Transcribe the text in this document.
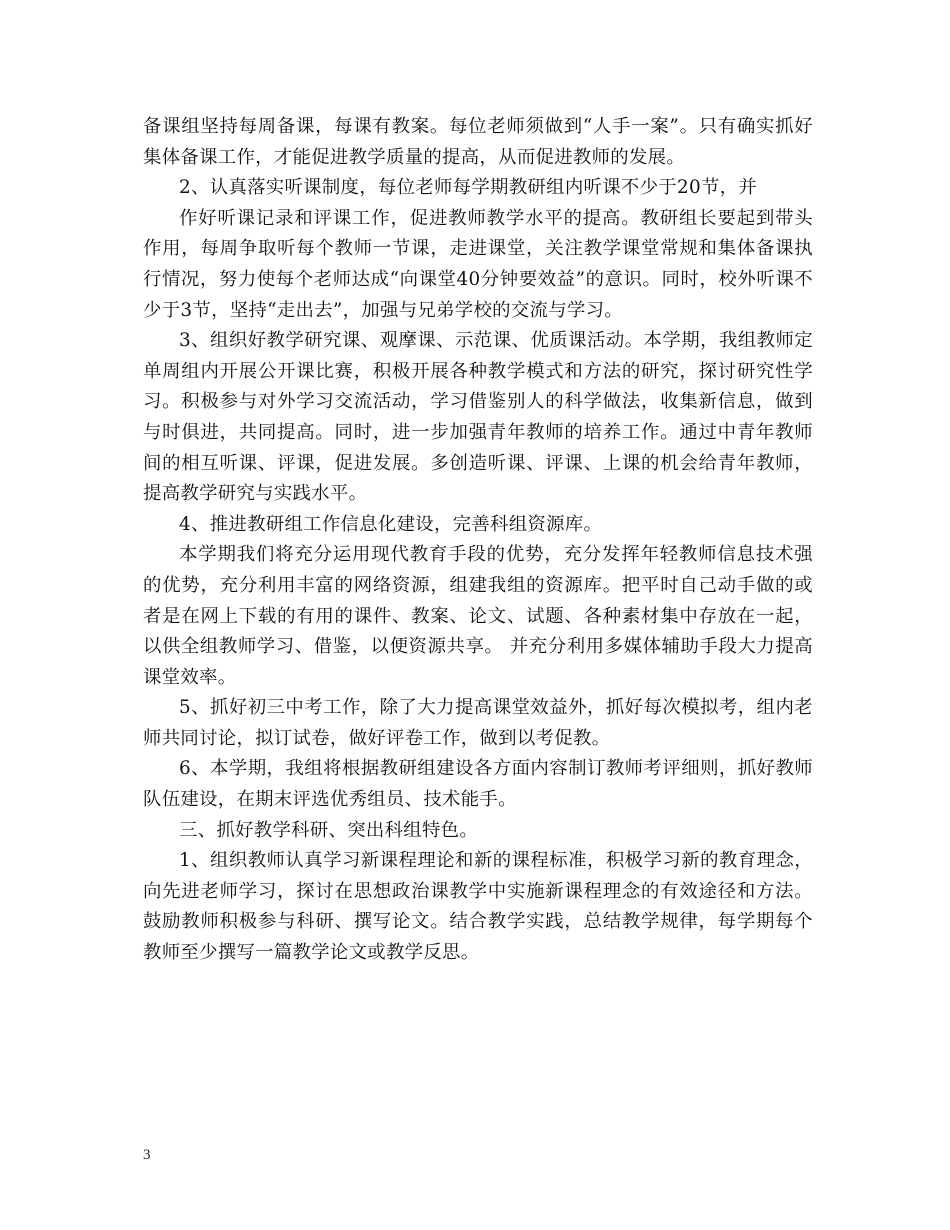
备课组坚持每周备课，每课有教案。每位老师须做到“人手一案”。只有确实抓好集体备课工作，才能促进教学质量的提高，从而促进教师的发展。

2、认真落实听课制度，每位老师每学期教研组内听课不少于20节，并

作好听课记录和评课工作，促进教师教学水平的提高。教研组长要起到带头作用，每周争取听每个教师一节课，走进课堂，关注教学课堂常规和集体备课执行情况，努力使每个老师达成“向课堂40分钟要效益”的意识。同时，校外听课不少于3节，坚持“走出去”，加强与兄弟学校的交流与学习。

3、组织好教学研究课、观摩课、示范课、优质课活动。本学期，我组教师定单周组内开展公开课比赛，积极开展各种教学模式和方法的研究，探讨研究性学习。积极参与对外学习交流活动，学习借鉴别人的科学做法，收集新信息，做到与时俱进，共同提高。同时，进一步加强青年教师的培养工作。通过中青年教师间的相互听课、评课，促进发展。多创造听课、评课、上课的机会给青年教师，提高教学研究与实践水平。

4、推进教研组工作信息化建设，完善科组资源库。

本学期我们将充分运用现代教育手段的优势，充分发挥年轻教师信息技术强的优势，充分利用丰富的网络资源，组建我组的资源库。把平时自己动手做的或者是在网上下载的有用的课件、教案、论文、试题、各种素材集中存放在一起，以供全组教师学习、借鉴，以便资源共享。 并充分利用多媒体辅助手段大力提高课堂效率。

5、抓好初三中考工作，除了大力提高课堂效益外，抓好每次模拟考，组内老师共同讨论，拟订试卷，做好评卷工作，做到以考促教。

6、本学期，我组将根据教研组建设各方面内容制订教师考评细则，抓好教师队伍建设，在期末评选优秀组员、技术能手。

三、抓好教学科研、突出科组特色。

1、组织教师认真学习新课程理论和新的课程标准，积极学习新的教育理念，向先进老师学习，探讨在思想政治课教学中实施新课程理念的有效途径和方法。鼓励教师积极参与科研、撰写论文。结合教学实践，总结教学规律，每学期每个教师至少撰写一篇教学论文或教学反思。

3
